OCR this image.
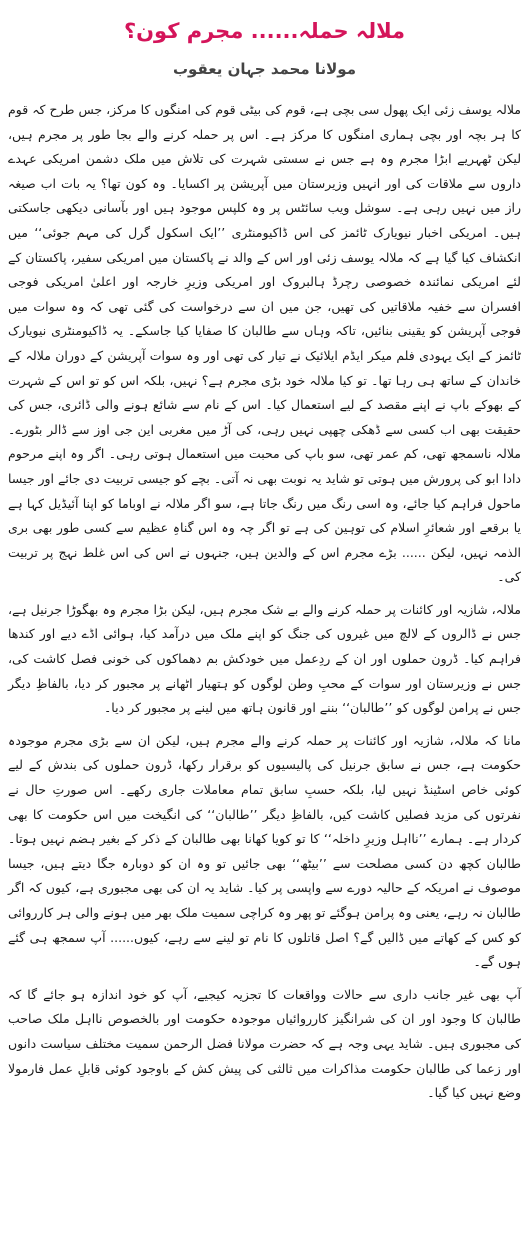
ملالہ حملہ...... مجرم کون؟
مولانا محمد جہان یعقوب

ملالہ یوسف زئی ایک پھول سی بچی ہے، قوم کی بیٹی قوم کی امنگوں کا مرکز، جس طرح کہ قوم کا ہر بچہ اور بچی ہماری امنگوں کا مرکز ہے۔ اس پر حملہ کرنے والے بجا طور پر مجرم ہیں، لیکن ٹھہریے ابڑا مجرم وہ ہے جس نے سستی شہرت کی تلاش میں ملک دشمن امریکی عہدے داروں سے ملاقات کی اور انہیں وزیرستان میں آپریشن پر اکسایا۔ وہ کون تھا؟ یہ بات اب صیغہ راز میں نہیں رہی ہے۔ سوشل ویب سائٹس پر وہ کلپس موجود ہیں اور بآسانی دیکھی جاسکتی ہیں۔ امریکی اخبار نیویارک ٹائمز کی اس ڈاکیومنٹری ’’ایک اسکول گرل کی مہم جوئی‘‘ میں انکشاف کیا گیا ہے کہ ملالہ یوسف زئی اور اس کے والد نے پاکستان میں امریکی سفیر، پاکستان کے لئے امریکی نمائندہ خصوصی رچرڈ ہالبروک اور امریکی وزیرِ خارجہ اور اعلیٰ امریکی فوجی افسران سے خفیہ ملاقاتیں کی تھیں، جن میں ان سے درخواست کی گئی تھی کہ وہ سوات میں فوجی آپریشن کو یقینی بنائیں، تاکہ وہاں سے طالبان کا صفایا کیا جاسکے۔ یہ ڈاکیومنٹری نیویارک ٹائمز کے ایک یہودی فلم میکر ایڈم ایلائیک نے تیار کی تھی اور وہ سوات آپریشن کے دوران ملالہ کے خاندان کے ساتھ ہی رہا تھا۔ تو کیا ملالہ خود بڑی مجرم ہے؟ نہیں، بلکہ اس کو تو اس کے شہرت کے بھوکے باپ نے اپنے مقصد کے لیے استعمال کیا۔ اس کے نام سے شائع ہونے والی ڈائری، جس کی حقیقت بھی اب کسی سے ڈھکی چھپی نہیں رہی، کی آڑ میں مغربی این جی اوز سے ڈالر بٹورے۔ ملالہ ناسمجھ تھی، کم عمر تھی، سو باپ کی محبت میں استعمال ہوتی رہی۔ اگر وہ اپنے مرحوم دادا ابو کی پرورش میں ہوتی تو شاید یہ نوبت بھی نہ آتی۔ بچے کو جیسی تربیت دی جائے اور جیسا ماحول فراہم کیا جائے، وہ اسی رنگ میں رنگ جاتا ہے، سو اگر ملالہ نے اوباما کو اپنا آئیڈیل کہا ہے یا برقعے اور شعائرِ اسلام کی توہین کی ہے تو اگر چہ وہ اس گناہِ عظیم سے کسی طور بھی بری الذمہ نہیں، لیکن ...... بڑے مجرم اس کے والدین ہیں، جنہوں نے اس کی اس غلط نہج پر تربیت کی۔

ملالہ، شازیہ اور کائنات پر حملہ کرنے والے بے شک مجرم ہیں، لیکن بڑا مجرم وہ بھگوڑا جرنیل ہے، جس نے ڈالروں کے لالچ میں غیروں کی جنگ کو اپنے ملک میں درآمد کیا، ہوائی اڈے دیے اور کندھا فراہم کیا۔ ڈرون حملوں اور ان کے ردِعمل میں خودکش بم دھماکوں کی خونی فصل کاشت کی، جس نے وزیرستان اور سوات کے محبِ وطن لوگوں کو ہتھیار اٹھانے پر مجبور کر دیا، بالفاظِ دیگر جس نے پرامن لوگوں کو ’’طالبان‘‘ بننے اور قانون ہاتھ میں لینے پر مجبور کر دیا۔

مانا کہ ملالہ، شازیہ اور کائنات پر حملہ کرنے والے مجرم ہیں، لیکن ان سے بڑی مجرم موجودہ حکومت ہے، جس نے سابق جرنیل کی پالیسیوں کو برقرار رکھا، ڈرون حملوں کی بندش کے لیے کوئی خاص اسٹینڈ نہیں لیا، بلکہ حسبِ سابق تمام معاملات جاری رکھے۔ اس صورتِ حال نے نفرتوں کی مزید فصلیں کاشت کیں، بالفاظِ دیگر ’’طالبان‘‘ کی انگیخت میں اس حکومت کا بھی کردار ہے۔ ہمارے ’’نااہل وزیرِ داخلہ‘‘ کا تو کویا کھانا بھی طالبان کے ذکر کے بغیر ہضم نہیں ہوتا۔ طالبان کچھ دن کسی مصلحت سے ’’بیٹھ‘‘ بھی جائیں تو وہ ان کو دوبارہ جگا دیتے ہیں، جیسا موصوف نے امریکہ کے حالیہ دورے سے واپسی پر کیا۔ شاید یہ ان کی بھی مجبوری ہے، کیوں کہ اگر طالبان نہ رہے، یعنی وہ پرامن ہوگئے تو پھر وہ کراچی سمیت ملک بھر میں ہونے والی ہر کارروائی کو کس کے کھاتے میں ڈالیں گے؟ اصل قاتلوں کا نام تو لینے سے رہے، کیوں...... آپ سمجھ ہی گئے ہوں گے۔

آپ بھی غیر جانب داری سے حالات وواقعات کا تجزیہ کیجیے، آپ کو خود اندازہ ہو جائے گا کہ طالبان کا وجود اور ان کی شرانگیز کارروائیاں موجودہ حکومت اور بالخصوص نااہل ملک صاحب کی مجبوری ہیں۔ شاید یہی وجہ ہے کہ حضرت مولانا فضل الرحمن سمیت مختلف سیاست دانوں اور زعما کی طالبان حکومت مذاکرات میں ثالثی کی پیش کش کے باوجود کوئی قابلِ عمل فارمولا وضع نہیں کیا گیا۔
